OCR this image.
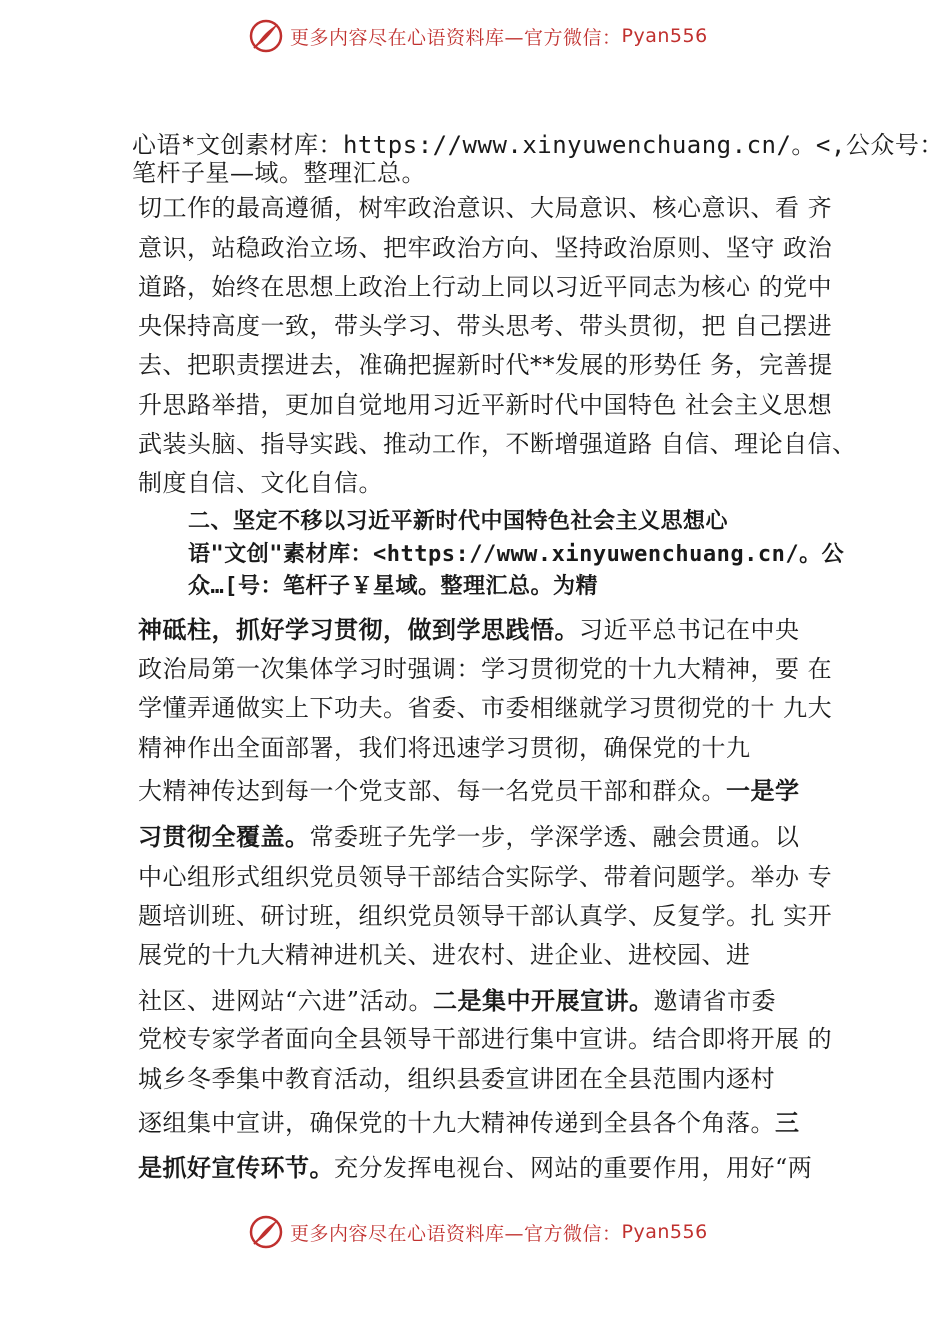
更多内容尽在心语资料库—官方微信： Pyan556
心语*文创素材库：https://www.xinyuwenchuang.cn/。<,公众号：
笔杆子星—域。整理汇总。
切工作的最高遵循，树牢政治意识、大局意识、核心意识、看 齐
意识，站稳政治立场、把牢政治方向、坚持政治原则、坚守 政治
道路，始终在思想上政治上行动上同以习近平同志为核心 的党中
央保持高度一致，带头学习、带头思考、带头贯彻，把 自己摆进
去、把职责摆进去，准确把握新时代**发展的形势任 务，完善提
升思路举措，更加自觉地用习近平新时代中国特色 社会主义思想
武装头脑、指导实践、推动工作，不断增强道路 自信、理论自信、
制度自信、文化自信。
二、坚定不移以习近平新时代中国特色社会主义思想心
语"文创"素材库：<https://www.xinyuwenchuang.cn/。公
众…[号：笔杆子￥星域。整理汇总。为精
神砥柱，抓好学习贯彻，做到学思践悟。习近平总书记在中央
政治局第一次集体学习时强调：学习贯彻党的十九大精神，要 在
学懂弄通做实上下功夫。省委、市委相继就学习贯彻党的十 九大
精神作出全面部署，我们将迅速学习贯彻，确保党的十九
大精神传达到每一个党支部、每一名党员干部和群众。一是学
习贯彻全覆盖。常委班子先学一步，学深学透、融会贯通。以
中心组形式组织党员领导干部结合实际学、带着问题学。举办 专
题培训班、研讨班，组织党员领导干部认真学、反复学。扎 实开
展党的十九大精神进机关、进农村、进企业、进校园、进
社区、进网站“六进”活动。二是集中开展宣讲。邀请省市委
党校专家学者面向全县领导干部进行集中宣讲。结合即将开展 的
城乡冬季集中教育活动，组织县委宣讲团在全县范围内逐村
逐组集中宣讲，确保党的十九大精神传递到全县各个角落。三
是抓好宣传环节。充分发挥电视台、网站的重要作用，用好“两
更多内容尽在心语资料库—官方微信： Pyan556
